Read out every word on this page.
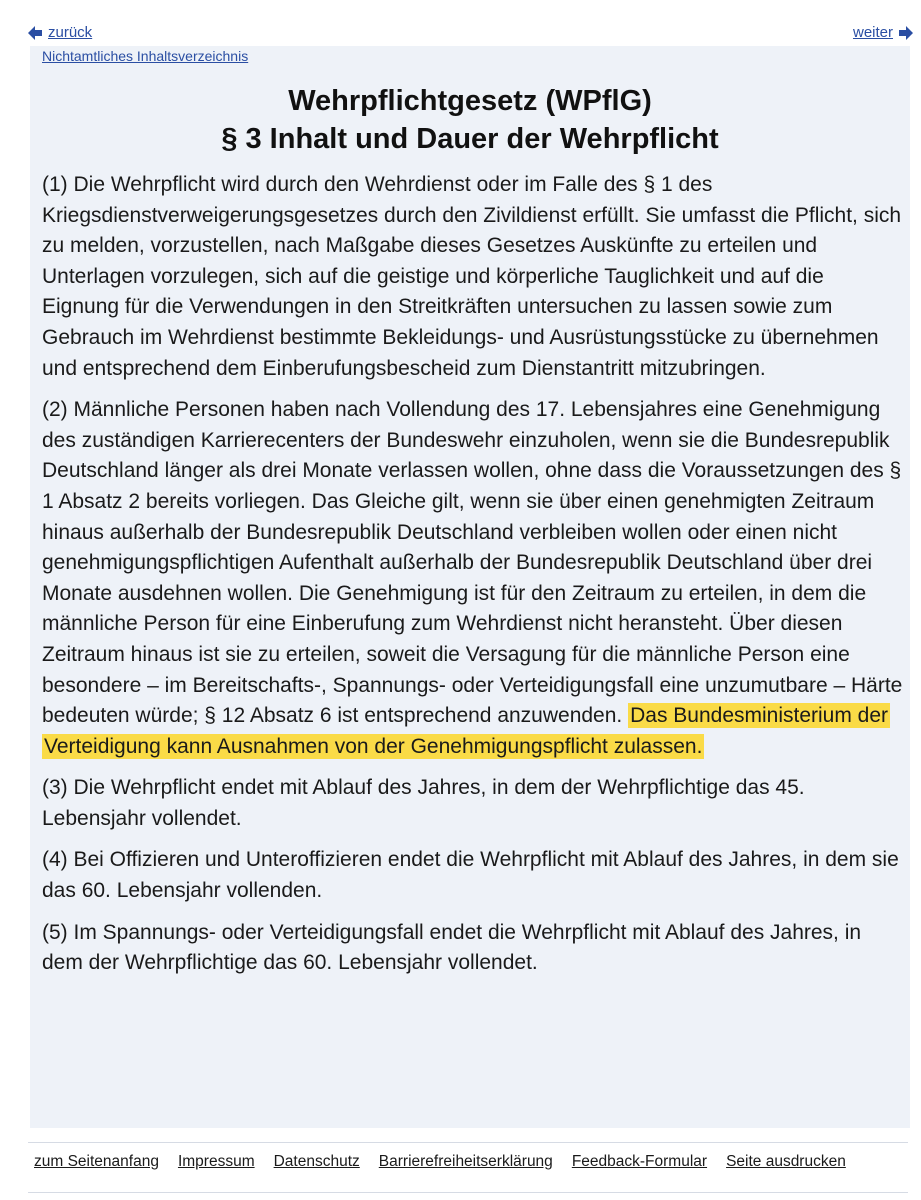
zurück	weiter
Nichtamtliches Inhaltsverzeichnis
Wehrpflichtgesetz (WPflG)
§ 3 Inhalt und Dauer der Wehrpflicht

(1) Die Wehrpflicht wird durch den Wehrdienst oder im Falle des § 1 des Kriegsdienstverweigerungsgesetzes durch den Zivildienst erfüllt. Sie umfasst die Pflicht, sich zu melden, vorzustellen, nach Maßgabe dieses Gesetzes Auskünfte zu erteilen und Unterlagen vorzulegen, sich auf die geistige und körperliche Tauglichkeit und auf die Eignung für die Verwendungen in den Streitkräften untersuchen zu lassen sowie zum Gebrauch im Wehrdienst bestimmte Bekleidungs- und Ausrüstungsstücke zu übernehmen und entsprechend dem Einberufungsbescheid zum Dienstantritt mitzubringen.

(2) Männliche Personen haben nach Vollendung des 17. Lebensjahres eine Genehmigung des zuständigen Karrierecenters der Bundeswehr einzuholen, wenn sie die Bundesrepublik Deutschland länger als drei Monate verlassen wollen, ohne dass die Voraussetzungen des § 1 Absatz 2 bereits vorliegen. Das Gleiche gilt, wenn sie über einen genehmigten Zeitraum hinaus außerhalb der Bundesrepublik Deutschland verbleiben wollen oder einen nicht genehmigungspflichtigen Aufenthalt außerhalb der Bundesrepublik Deutschland über drei Monate ausdehnen wollen. Die Genehmigung ist für den Zeitraum zu erteilen, in dem die männliche Person für eine Einberufung zum Wehrdienst nicht heransteht. Über diesen Zeitraum hinaus ist sie zu erteilen, soweit die Versagung für die männliche Person eine besondere – im Bereitschafts-, Spannungs- oder Verteidigungsfall eine unzumutbare – Härte bedeuten würde; § 12 Absatz 6 ist entsprechend anzuwenden. Das Bundesministerium der Verteidigung kann Ausnahmen von der Genehmigungspflicht zulassen.

(3) Die Wehrpflicht endet mit Ablauf des Jahres, in dem der Wehrpflichtige das 45. Lebensjahr vollendet.

(4) Bei Offizieren und Unteroffizieren endet die Wehrpflicht mit Ablauf des Jahres, in dem sie das 60. Lebensjahr vollenden.

(5) Im Spannungs- oder Verteidigungsfall endet die Wehrpflicht mit Ablauf des Jahres, in dem der Wehrpflichtige das 60. Lebensjahr vollendet.

zum Seitenanfang Impressum Datenschutz Barrierefreiheitserklärung Feedback-Formular Seite ausdrucken
